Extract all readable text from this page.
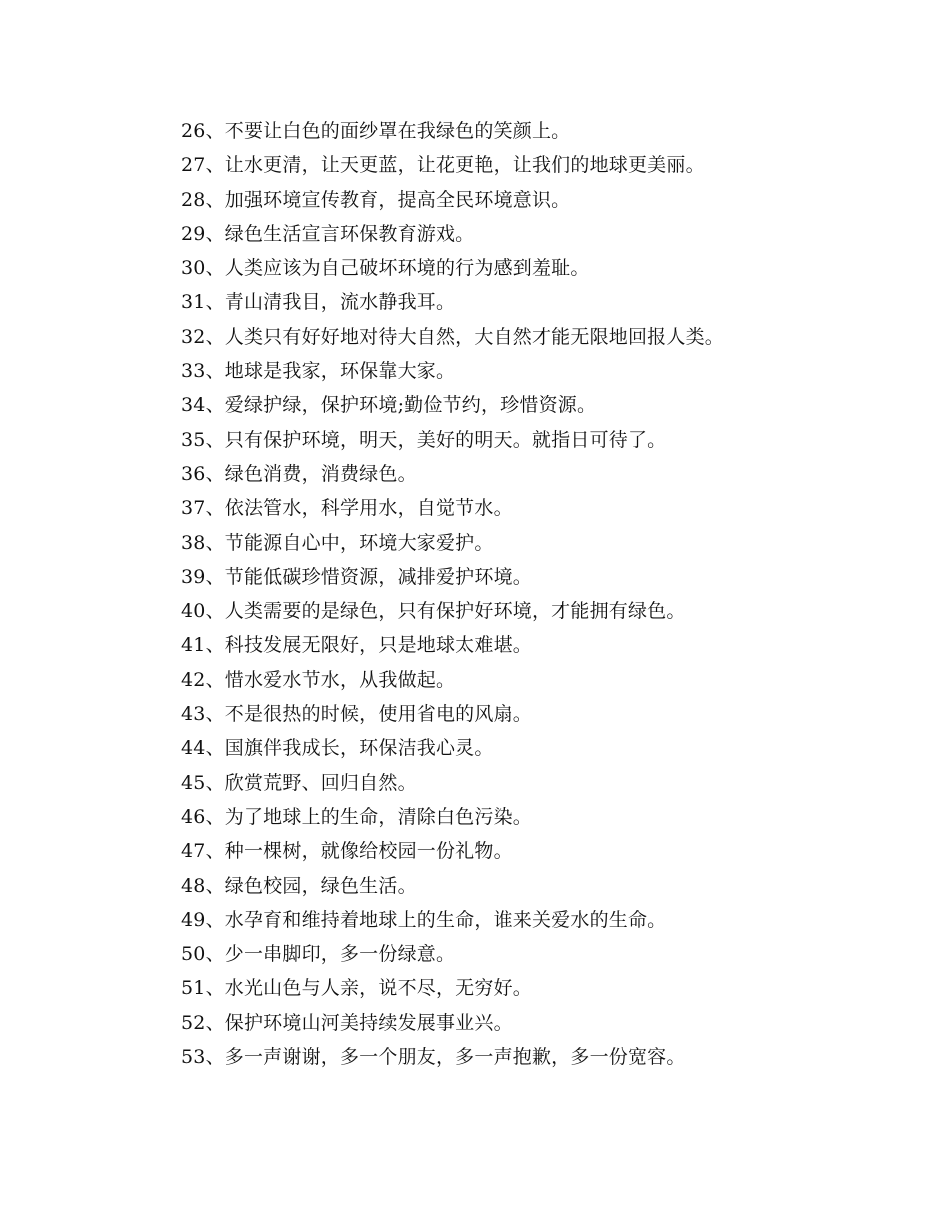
26、不要让白色的面纱罩在我绿色的笑颜上。
27、让水更清，让天更蓝，让花更艳，让我们的地球更美丽。
28、加强环境宣传教育，提高全民环境意识。
29、绿色生活宣言环保教育游戏。
30、人类应该为自己破坏环境的行为感到羞耻。
31、青山清我目，流水静我耳。
32、人类只有好好地对待大自然，大自然才能无限地回报人类。
33、地球是我家，环保靠大家。
34、爱绿护绿，保护环境;勤俭节约，珍惜资源。
35、只有保护环境，明天，美好的明天。就指日可待了。
36、绿色消费，消费绿色。
37、依法管水，科学用水，自觉节水。
38、节能源自心中，环境大家爱护。
39、节能低碳珍惜资源，减排爱护环境。
40、人类需要的是绿色，只有保护好环境，才能拥有绿色。
41、科技发展无限好，只是地球太难堪。
42、惜水爱水节水，从我做起。
43、不是很热的时候，使用省电的风扇。
44、国旗伴我成长，环保洁我心灵。
45、欣赏荒野、回归自然。
46、为了地球上的生命，清除白色污染。
47、种一棵树，就像给校园一份礼物。
48、绿色校园，绿色生活。
49、水孕育和维持着地球上的生命，谁来关爱水的生命。
50、少一串脚印，多一份绿意。
51、水光山色与人亲，说不尽，无穷好。
52、保护环境山河美持续发展事业兴。
53、多一声谢谢，多一个朋友，多一声抱歉，多一份宽容。
